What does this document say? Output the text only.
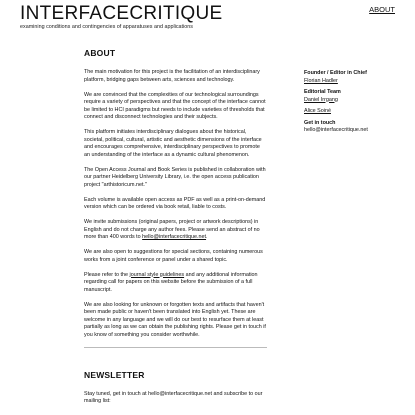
INTERFACECRITIQUE
examining conditions and contingencies of apparatuses and applications
ABOUT
ABOUT

The main motivation for this project is the facilitation of an interdisciplinary platform, bridging gaps between arts, sciences and technology.

We are convinced that the complexities of our technological surroundings require a variety of perspectives and that the concept of the interface cannot be limited to HCI paradigms but needs to include varieties of thresholds that connect and disconnect technologies and their subjects.

This platform initiates interdisciplinary dialogues about the historical, societal, political, cultural, artistic and aesthetic dimensions of the interface and encourages comprehensive, interdisciplinary perspectives to promote an understanding of the interface as a dynamic cultural phenomenon.

The Open Access Journal and Book Series is published in collaboration with our partner Heidelberg University Library, i.e. the open access publication project "arthistoricum.net."

Each volume is available open access as PDF as well as a print-on-demand version which can be ordered via book retail, liable to costs.

We invite submissions (original papers, project or artwork descriptions) in English and do not charge any author fees. Please send an abstract of no more than 400 words to hello@interfacecritique.net.

We are also open to suggestions for special sections, containing numerous works from a joint conference or panel under a shared topic.

Please refer to the journal style guidelines and any additional information regarding call for papers on this website before the submission of a full manuscript.

We are also looking for unknown or forgotten texts and artifacts that haven't been made public or haven't been translated into English yet. These are welcome in any language and we will do our best to resurface them at least partially as long as we can obtain the publishing rights. Please get in touch if you know of something you consider worthwhile.

NEWSLETTER

Stay tuned, get in touch at hello@interfacecritique.net and subscribe to our mailing list:

Founder / Editor in Chief
Florian Hadler
Editorial Team
Daniel Irrgang
Alice Soiné
Get in touch
hello@interfacecritique.net
